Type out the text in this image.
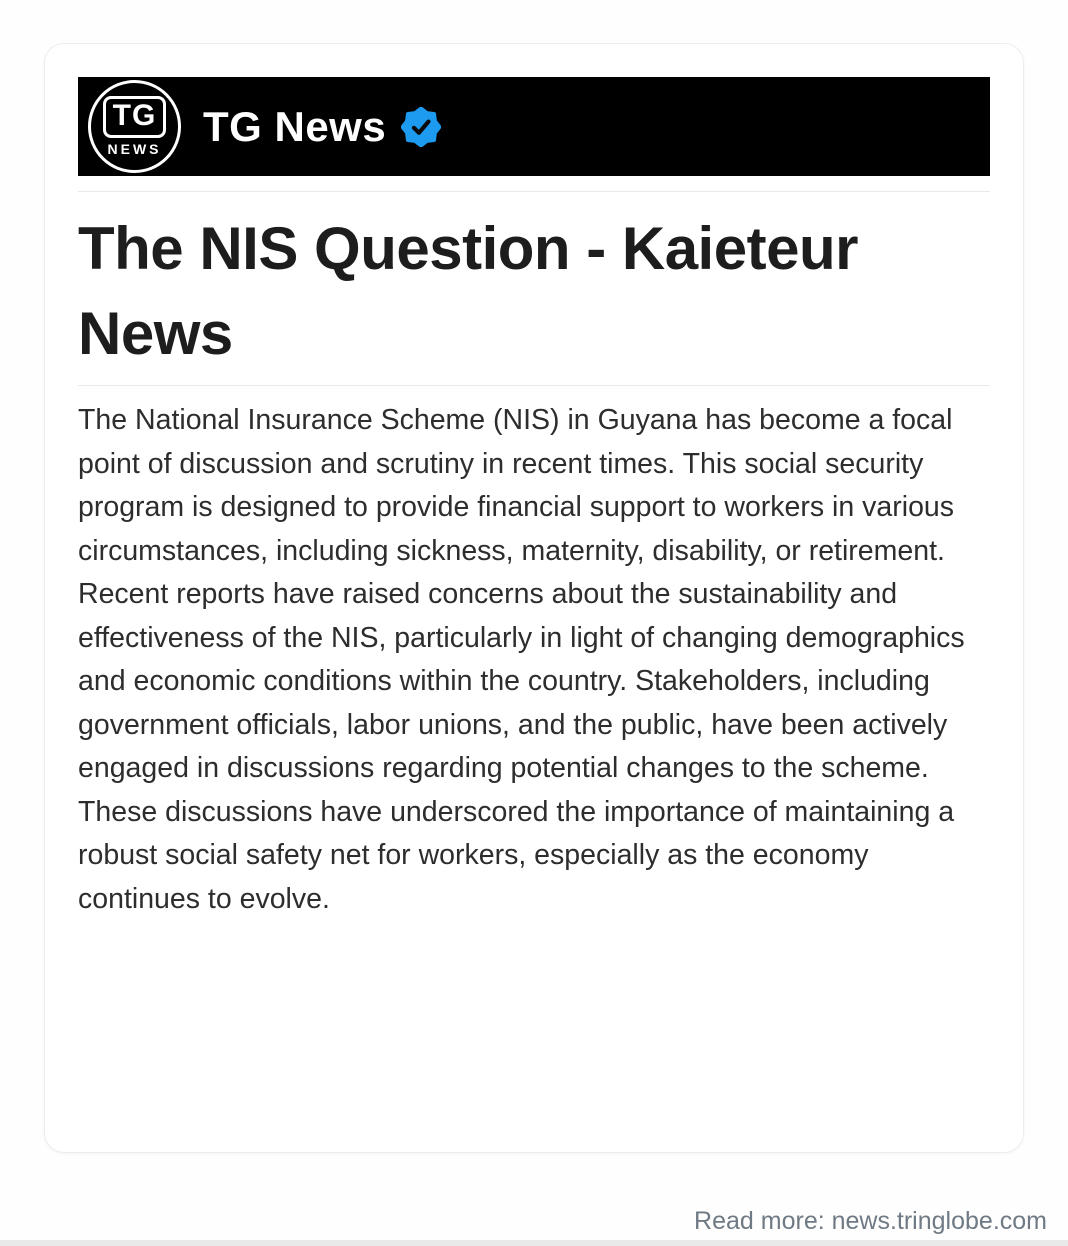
TG
NEWS TG News
The NIS Question - Kaieteur News

The National Insurance Scheme (NIS) in Guyana has become a focal point of discussion and scrutiny in recent times. This social security program is designed to provide financial support to workers in various circumstances, including sickness, maternity, disability, or retirement. Recent reports have raised concerns about the sustainability and effectiveness of the NIS, particularly in light of changing demographics and economic conditions within the country. Stakeholders, including government officials, labor unions, and the public, have been actively engaged in discussions regarding potential changes to the scheme. These discussions have underscored the importance of maintaining a robust social safety net for workers, especially as the economy continues to evolve.

Read more: news.tringlobe.com
